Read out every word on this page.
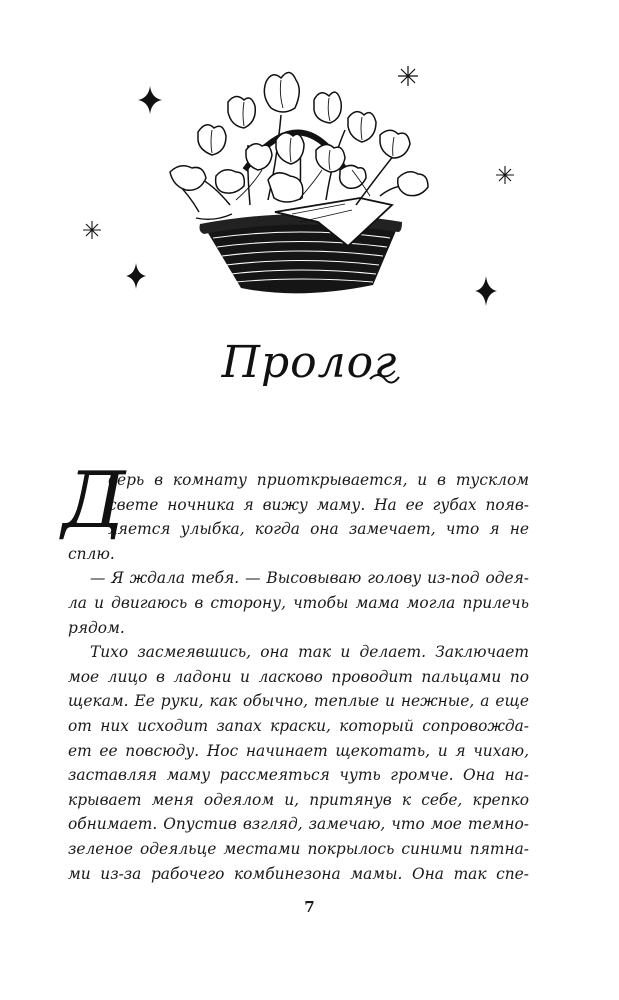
Пролог
Д
верь в комнату приоткрывается, и в тусклом
свете ночника я вижу маму. На ее губах появ-
ляется улыбка, когда она замечает, что я не
сплю.
— Я ждала тебя. — Высовываю голову из-под одея-
ла и двигаюсь в сторону, чтобы мама могла прилечь
рядом.
Тихо засмеявшись, она так и делает. Заключает
мое лицо в ладони и ласково проводит пальцами по
щекам. Ее руки, как обычно, теплые и нежные, а еще
от них исходит запах краски, который сопровожда-
ет ее повсюду. Нос начинает щекотать, и я чихаю,
заставляя маму рассмеяться чуть громче. Она на-
крывает меня одеялом и, притянув к себе, крепко
обнимает. Опустив взгляд, замечаю, что мое темно-
зеленое одеяльце местами покрылось синими пятна-
ми из-за рабочего комбинезона мамы. Она так спе-
7
